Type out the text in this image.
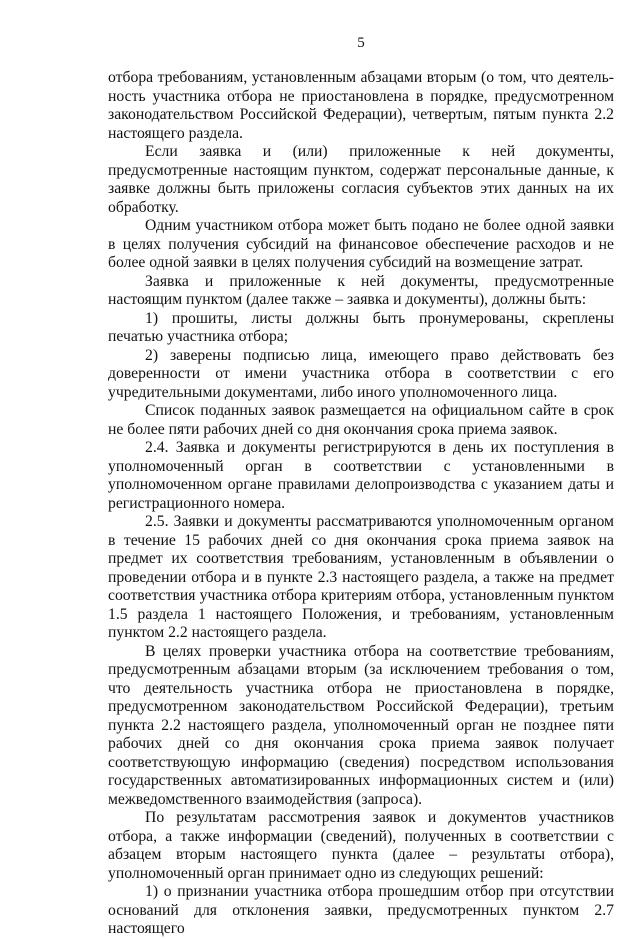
5

отбора требованиям, установленным абзацами вторым (о том, что деятельность участника отбора не приостановлена в порядке, предусмотренном законодательством Российской Федерации), четвертым, пятым пункта 2.2 настоящего раздела.

Если заявка и (или) приложенные к ней документы, предусмотренные настоящим пунктом, содержат персональные данные, к заявке должны быть приложены согласия субъектов этих данных на их обработку.

Одним участником отбора может быть подано не более одной заявки в целях получения субсидий на финансовое обеспечение расходов и не более одной заявки в целях получения субсидий на возмещение затрат.

Заявка и приложенные к ней документы, предусмотренные настоящим пунктом (далее также – заявка и документы), должны быть:

1) прошиты, листы должны быть пронумерованы, скреплены печатью участника отбора;

2) заверены подписью лица, имеющего право действовать без доверенности от имени участника отбора в соответствии с его учредительными документами, либо иного уполномоченного лица.

Список поданных заявок размещается на официальном сайте в срок не более пяти рабочих дней со дня окончания срока приема заявок.

2.4. Заявка и документы регистрируются в день их поступления в уполномоченный орган в соответствии с установленными в уполномоченном органе правилами делопроизводства с указанием даты и регистрационного номера.

2.5. Заявки и документы рассматриваются уполномоченным органом в течение 15 рабочих дней со дня окончания срока приема заявок на предмет их соответствия требованиям, установленным в объявлении о проведении отбора и в пункте 2.3 настоящего раздела, а также на предмет соответствия участника отбора критериям отбора, установленным пунктом 1.5 раздела 1 настоящего Положения, и требованиям, установленным пунктом 2.2 настоящего раздела.

В целях проверки участника отбора на соответствие требованиям, предусмотренным абзацами вторым (за исключением требования о том, что деятельность участника отбора не приостановлена в порядке, предусмотренном законодательством Российской Федерации), третьим пункта 2.2 настоящего раздела, уполномоченный орган не позднее пяти рабочих дней со дня окончания срока приема заявок получает соответствующую информацию (сведения) посредством использования государственных автоматизированных информационных систем и (или) межведомственного взаимодействия (запроса).

По результатам рассмотрения заявок и документов участников отбора, а также информации (сведений), полученных в соответствии с абзацем вторым настоящего пункта (далее – результаты отбора), уполномоченный орган принимает одно из следующих решений:

1) о признании участника отбора прошедшим отбор при отсутствии оснований для отклонения заявки, предусмотренных пунктом 2.7 настоящего
